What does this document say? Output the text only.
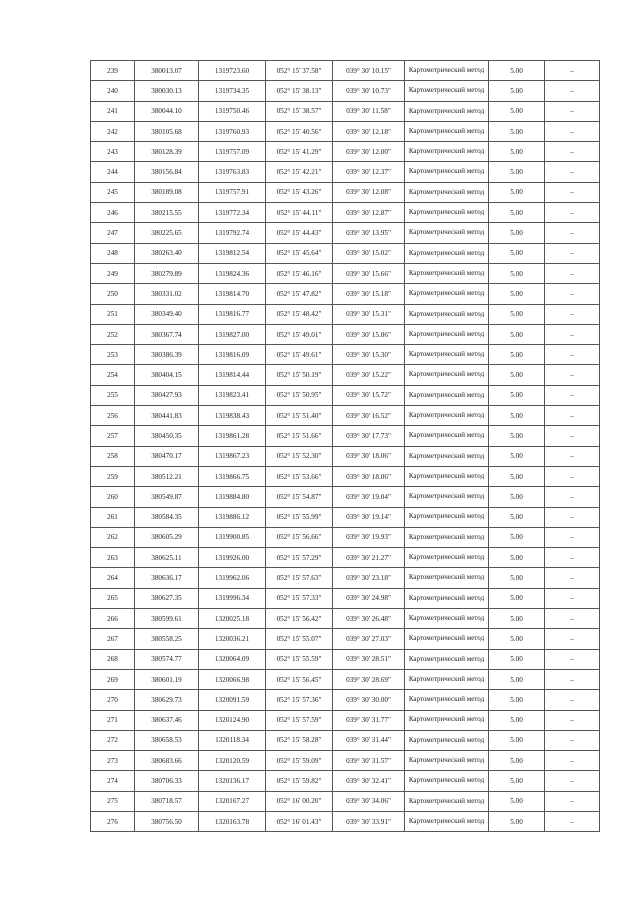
239	380013.07	1319723.60	052° 15' 37.58"	039° 30' 10.15"	Картометрический метод	5.00	–
240	380030.13	1319734.35	052° 15' 38.13"	039° 30' 10.73"	Картометрический метод	5.00	–
241	380044.10	1319750.46	052° 15' 38.57"	039° 30' 11.58"	Картометрический метод	5.00	–
242	380105.68	1319760.93	052° 15' 40.56"	039° 30' 12.18"	Картометрический метод	5.00	–
243	380128.39	1319757.09	052° 15' 41.29"	039° 30' 12.00"	Картометрический метод	5.00	–
244	380156.84	1319763.83	052° 15' 42.21"	039° 30' 12.37"	Картометрический метод	5.00	–
245	380189.08	1319757.91	052° 15' 43.26"	039° 30' 12.08"	Картометрический метод	5.00	–
246	380215.55	1319772.34	052° 15' 44.11"	039° 30' 12.87"	Картометрический метод	5.00	–
247	380225.65	1319792.74	052° 15' 44.43"	039° 30' 13.95"	Картометрический метод	5.00	–
248	380263.40	1319812.54	052° 15' 45.64"	039° 30' 15.02"	Картометрический метод	5.00	–
249	380279.89	1319824.36	052° 15' 46.16"	039° 30' 15.66"	Картометрический метод	5.00	–
250	380331.02	1319814.70	052° 15' 47.82"	039° 30' 15.18"	Картометрический метод	5.00	–
251	380349.40	1319816.77	052° 15' 48.42"	039° 30' 15.31"	Картометрический метод	5.00	–
252	380367.74	1319827.00	052° 15' 49.01"	039° 30' 15.86"	Картометрический метод	5.00	–
253	380386.39	1319816.09	052° 15' 49.61"	039° 30' 15.30"	Картометрический метод	5.00	–
254	380404.15	1319814.44	052° 15' 50.19"	039° 30' 15.22"	Картометрический метод	5.00	–
255	380427.93	1319823.41	052° 15' 50.95"	039° 30' 15.72"	Картометрический метод	5.00	–
256	380441.83	1319838.43	052° 15' 51.40"	039° 30' 16.52"	Картометрический метод	5.00	–
257	380450.35	1319861.28	052° 15' 51.66"	039° 30' 17.73"	Картометрический метод	5.00	–
258	380470.17	1319867.23	052° 15' 52.30"	039° 30' 18.06"	Картометрический метод	5.00	–
259	380512.21	1319866.75	052° 15' 53.66"	039° 30' 18.06"	Картометрический метод	5.00	–
260	380549.87	1319884.80	052° 15' 54.87"	039° 30' 19.04"	Картометрический метод	5.00	–
261	380584.35	1319886.12	052° 15' 55.99"	039° 30' 19.14"	Картометрический метод	5.00	–
262	380605.29	1319900.85	052° 15' 56.66"	039° 30' 19.93"	Картометрический метод	5.00	–
263	380625.11	1319926.00	052° 15' 57.29"	039° 30' 21.27"	Картометрический метод	5.00	–
264	380636.17	1319962.06	052° 15' 57.63"	039° 30' 23.18"	Картометрический метод	5.00	–
265	380627.35	1319996.34	052° 15' 57.33"	039° 30' 24.98"	Картометрический метод	5.00	–
266	380599.61	1320025.18	052° 15' 56.42"	039° 30' 26.48"	Картометрический метод	5.00	–
267	380558.25	1320036.21	052° 15' 55.07"	039° 30' 27.03"	Картометрический метод	5.00	–
268	380574.77	1320064.09	052° 15' 55.59"	039° 30' 28.51"	Картометрический метод	5.00	–
269	380601.19	1320066.98	052° 15' 56.45"	039° 30' 28.69"	Картометрический метод	5.00	–
270	380629.73	1320091.59	052° 15' 57.36"	039° 30' 30.00"	Картометрический метод	5.00	–
271	380637.46	1320124.90	052° 15' 57.59"	039° 30' 31.77"	Картометрический метод	5.00	–
272	380658.53	1320118.34	052° 15' 58.28"	039° 30' 31.44"	Картометрический метод	5.00	–
273	380683.66	1320120.59	052° 15' 59.09"	039° 30' 31.57"	Картометрический метод	5.00	–
274	380706.33	1320136.17	052° 15' 59.82"	039° 30' 32.41"	Картометрический метод	5.00	–
275	380718.57	1320167.27	052° 16' 00.20"	039° 30' 34.06"	Картометрический метод	5.00	–
276	380756.50	1320163.78	052° 16' 01.43"	039° 30' 33.91"	Картометрический метод	5.00	–
